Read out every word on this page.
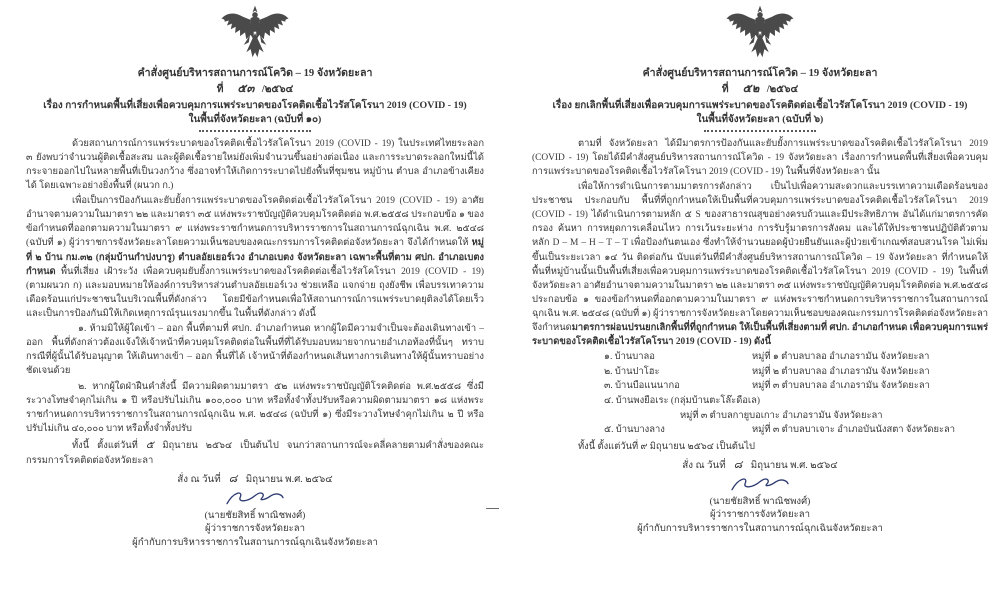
คำสั่งศูนย์บริหารสถานการณ์โควิด – 19 จังหวัดยะลา
ที่ ๕๓ /๒๕๖๔
เรื่อง การกำหนดพื้นที่เสี่ยงเพื่อควบคุมการแพร่ระบาดของโรคติดเชื้อไวรัสโคโรนา 2019 (COVID - 19)
ในพื้นที่จังหวัดยะลา (ฉบับที่ ๑๐)

ด้วยสถานการณ์การแพร่ระบาดของโรคติดเชื้อไวรัสโคโรนา 2019 (COVID - 19) ในประเทศไทยระลอก ๓ ยังพบว่าจำนวนผู้ติดเชื้อสะสม และผู้ติดเชื้อรายใหม่ยังเพิ่มจำนวนขึ้นอย่างต่อเนื่อง และการระบาดระลอกใหม่นี้ได้กระจายออกไปในหลายพื้นที่เป็นวงกว้าง ซึ่งอาจทำให้เกิดการระบาดไปยังพื้นที่ชุมชน หมู่บ้าน ตำบล อำเภอข้างเคียงได้ โดยเฉพาะอย่างยิ่งพื้นที่ (ผนวก ก.)

เพื่อเป็นการป้องกันและยับยั้งการแพร่ระบาดของโรคติดต่อเชื้อไวรัสโคโรนา 2019 (COVID - 19) อาศัยอำนาจตามความในมาตรา ๒๒ และมาตรา ๓๕ แห่งพระราชบัญญัติควบคุมโรคติดต่อ พ.ศ.๒๕๕๘ ประกอบข้อ ๑ ของข้อกำหนดที่ออกตามความในมาตรา ๙ แห่งพระราชกำหนดการบริหารราชการในสถานการณ์ฉุกเฉิน พ.ศ. ๒๕๔๘ (ฉบับที่ ๑) ผู้ว่าราชการจังหวัดยะลาโดยความเห็นชอบของคณะกรรมการโรคติดต่อจังหวัดยะลา จึงได้กำหนดให้ หมู่ที่ ๒ บ้าน กม.๓๒ (กลุ่มบ้านกำปงบารู) ตำบลอัยเยอร์เวง อำเภอเบตง จังหวัดยะลา เฉพาะพื้นที่ตาม ศปก. อำเภอเบตงกำหนด พื้นที่เสี่ยง เฝ้าระวัง เพื่อควบคุมยับยั้งการแพร่ระบาดของโรคติดต่อเชื้อไวรัสโคโรนา 2019 (COVID - 19) (ตามผนวก ก) และมอบหมายให้องค์การบริหารส่วนตำบลอัยเยอร์เวง ช่วยเหลือ แจกจ่าย ถุงยังชีพ เพื่อบรรเทาความเดือดร้อนแก่ประชาชนในบริเวณพื้นที่ดังกล่าว โดยมีข้อกำหนดเพื่อให้สถานการณ์การแพร่ระบาดยุติลงได้โดยเร็ว และเป็นการป้องกันมิให้เกิดเหตุการณ์รุนแรงมากขึ้น ในพื้นที่ดังกล่าว ดังนี้

๑. ห้ามมิให้ผู้ใดเข้า – ออก พื้นที่ตามที่ ศปก. อำเภอกำหนด หากผู้ใดมีความจำเป็นจะต้องเดินทางเข้า – ออก พื้นที่ดังกล่าวต้องแจ้งให้เจ้าหน้าที่ควบคุมโรคติดต่อในพื้นที่ที่ได้รับมอบหมายจากนายอำเภอท้องที่นั้นๆ ทราบ กรณีที่ผู้นั้นได้รับอนุญาต ให้เดินทางเข้า – ออก พื้นที่ได้ เจ้าหน้าที่ต้องกำหนดเส้นทางการเดินทางให้ผู้นั้นทราบอย่างชัดเจนด้วย

๒. หากผู้ใดฝ่าฝืนคำสั่งนี้ มีความผิดตามมาตรา ๕๒ แห่งพระราชบัญญัติโรคติดต่อ พ.ศ.๒๕๕๘ ซึ่งมีระวางโทษจำคุกไม่เกิน ๑ ปี หรือปรับไม่เกิน ๑๐๐,๐๐๐ บาท หรือทั้งจำทั้งปรับหรือความผิดตามมาตรา ๑๘ แห่งพระราชกำหนดการบริหารราชการในสถานการณ์ฉุกเฉิน พ.ศ. ๒๕๔๘ (ฉบับที่ ๑) ซึ่งมีระวางโทษจำคุกไม่เกิน ๒ ปี หรือปรับไม่เกิน ๔๐,๐๐๐ บาท หรือทั้งจำทั้งปรับ

ทั้งนี้ ตั้งแต่วันที่ ๕ มิถุนายน ๒๕๖๔ เป็นต้นไป จนกว่าสถานการณ์จะคลี่คลายตามคำสั่งของคณะกรรมการโรคติดต่อจังหวัดยะลา

สั่ง ณ วันที่ ๘ มิถุนายน พ.ศ. ๒๕๖๔
(นายชัยสิทธิ์ พาณิชพงศ์)
ผู้ว่าราชการจังหวัดยะลา
ผู้กำกับการบริหารราชการในสถานการณ์ฉุกเฉินจังหวัดยะลา
คำสั่งศูนย์บริหารสถานการณ์โควิด – 19 จังหวัดยะลา
ที่ ๕๒ /๒๕๖๔
เรื่อง ยกเลิกพื้นที่เสี่ยงเพื่อควบคุมการแพร่ระบาดของโรคติดต่อเชื้อไวรัสโคโรนา 2019 (COVID - 19)
ในพื้นที่จังหวัดยะลา (ฉบับที่ ๖)

ตามที่ จังหวัดยะลา ได้มีมาตรการป้องกันและยับยั้งการแพร่ระบาดของโรคติดเชื้อไวรัสโคโรนา 2019 (COVID - 19) โดยได้มีคำสั่งศูนย์บริหารสถานการณ์โควิด - 19 จังหวัดยะลา เรื่องการกำหนดพื้นที่เสี่ยงเพื่อควบคุมการแพร่ระบาดของโรคติดเชื้อไวรัสโคโรนา 2019 (COVID - 19) ในพื้นที่จังหวัดยะลา นั้น

เพื่อให้การดำเนินการตามมาตรการดังกล่าว เป็นไปเพื่อความสะดวกและบรรเทาความเดือดร้อนของประชาชน ประกอบกับ พื้นที่ที่ถูกกำหนดให้เป็นพื้นที่ควบคุมการแพร่ระบาดของโรคติดเชื้อไวรัสโคโรนา 2019 (COVID - 19) ได้ดำเนินการตามหลัก ๕ S ของสาธารณสุขอย่างครบถ้วนและมีประสิทธิภาพ อันได้แก่มาตรการคัดกรอง ค้นหา การหยุดการเคลื่อนไหว การเว้นระยะห่าง การรับรู้มาตรการสังคม และได้ให้ประชาชนปฏิบัติตัวตามหลัก D – M – H – T – T เพื่อป้องกันตนเอง ซึ่งทำให้จำนวนยอดผู้ป่วยยืนยันและผู้ป่วยเข้าเกณฑ์สอบสวนโรค ไม่เพิ่มขึ้นเป็นระยะเวลา ๑๔ วัน ติดต่อกัน นับแต่วันที่มีคำสั่งศูนย์บริหารสถานการณ์โควิด – 19 จังหวัดยะลา ที่กำหนดให้พื้นที่หมู่บ้านนั้นเป็นพื้นที่เสี่ยงเพื่อควบคุมการแพร่ระบาดของโรคติดเชื้อไวรัสโคโรนา 2019 (COVID - 19) ในพื้นที่จังหวัดยะลา อาศัยอำนาจตามความในมาตรา ๒๒ และมาตรา ๓๕ แห่งพระราชบัญญัติควบคุมโรคติดต่อ พ.ศ.๒๕๕๘ ประกอบข้อ ๑ ของข้อกำหนดที่ออกตามความในมาตรา ๙ แห่งพระราชกำหนดการบริหารราชการในสถานการณ์ฉุกเฉิน พ.ศ. ๒๕๔๘ (ฉบับที่ ๑) ผู้ว่าราชการจังหวัดยะลาโดยความเห็นชอบของคณะกรรมการโรคติดต่อจังหวัดยะลา จึงกำหนดมาตรการผ่อนปรนยกเลิกพื้นที่ที่ถูกกำหนด ให้เป็นพื้นที่เสี่ยงตามที่ ศปก. อำเภอกำหนด เพื่อควบคุมการแพร่ระบาดของโรคติดเชื้อไวรัสโคโรนา 2019 (COVID - 19) ดังนี้

๑. บ้านบาลอ	หมู่ที่ ๑ ตำบลบาลอ อำเภอรามัน จังหวัดยะลา
๒. บ้านปาโฮะ	หมู่ที่ ๒ ตำบลบาลอ อำเภอรามัน จังหวัดยะลา
๓. บ้านบือแนนากอ	หมู่ที่ ๓ ตำบลบาลอ อำเภอรามัน จังหวัดยะลา
๔. บ้านพงยือเระ (กลุ่มบ้านตะโล๊ะดือเล)
หมู่ที่ ๓ ตำบลกายูบอเกาะ อำเภอรามัน จังหวัดยะลา
๕. บ้านบางลาง	หมู่ที่ ๓ ตำบลบาเจาะ อำเภอบันนังสตา จังหวัดยะลา

ทั้งนี้ ตั้งแต่วันที่ ๙ มิถุนายน ๒๕๖๔ เป็นต้นไป

สั่ง ณ วันที่ ๘ มิถุนายน พ.ศ. ๒๕๖๔
(นายชัยสิทธิ์ พาณิชพงศ์)
ผู้ว่าราชการจังหวัดยะลา
ผู้กำกับการบริหารราชการในสถานการณ์ฉุกเฉินจังหวัดยะลา
